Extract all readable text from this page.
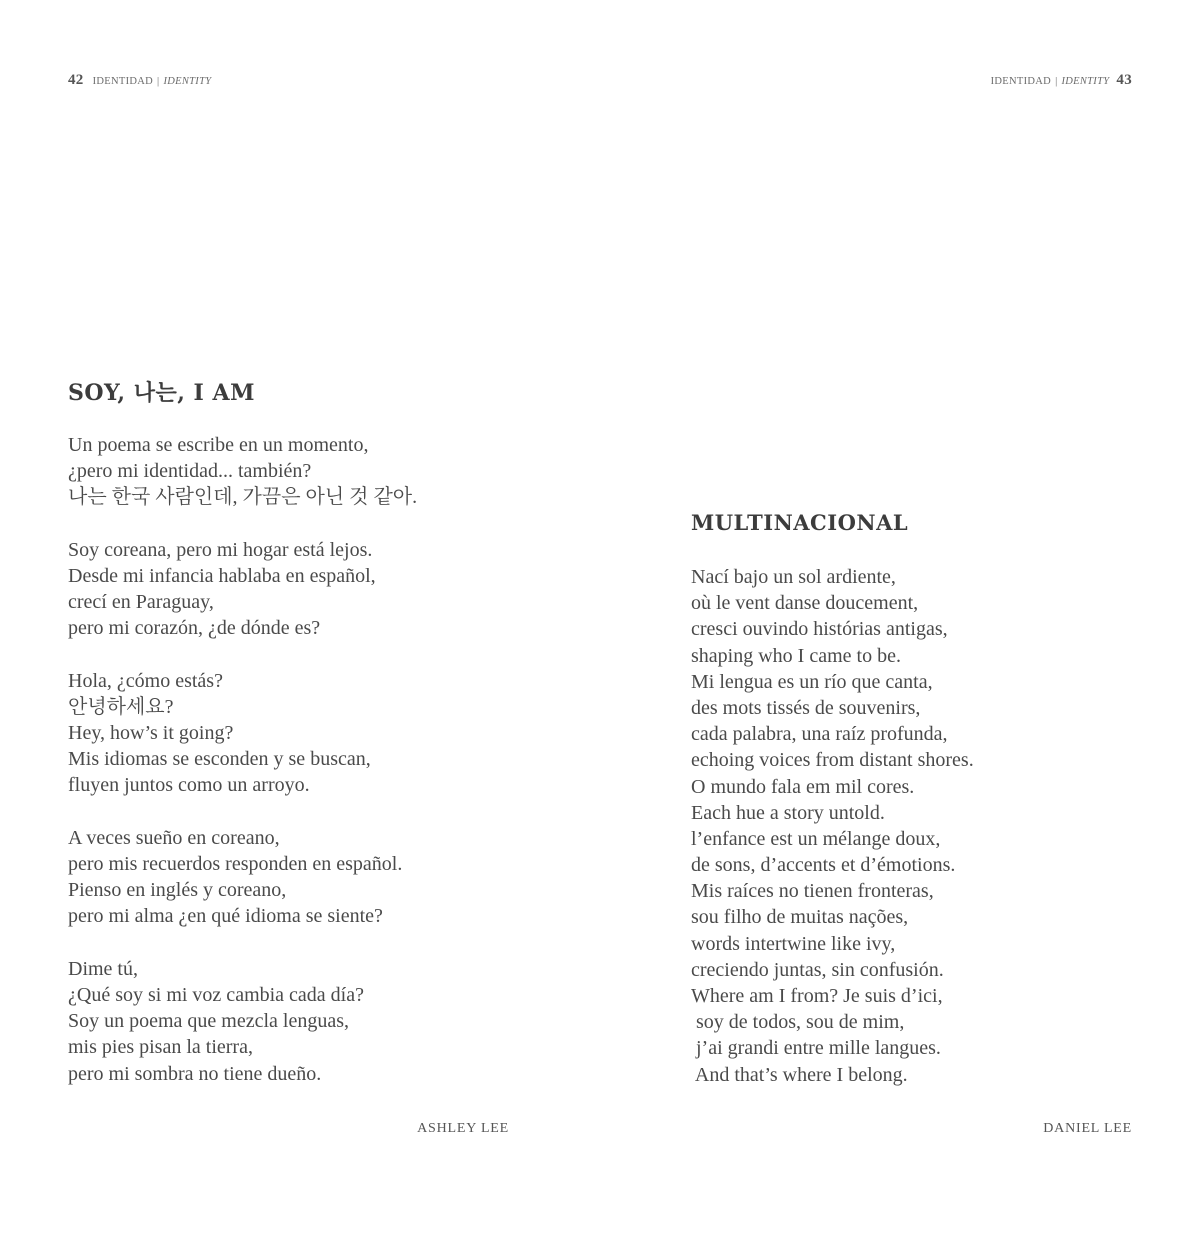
42 IDENTIDAD | IDENTITY	IDENTIDAD | IDENTITY 43
SOY, 나는, I AM
Un poema se escribe en un momento,
¿pero mi identidad... también?
나는 한국 사람인데, 가끔은 아닌 것 같아.
Soy coreana, pero mi hogar está lejos.
Desde mi infancia hablaba en español,
crecí en Paraguay,
pero mi corazón, ¿de dónde es?
Hola, ¿cómo estás?
안녕하세요?
Hey, how’s it going?
Mis idiomas se esconden y se buscan,
fluyen juntos como un arroyo.
A veces sueño en coreano,
pero mis recuerdos responden en español.
Pienso en inglés y coreano,
pero mi alma ¿en qué idioma se siente?
Dime tú,
¿Qué soy si mi voz cambia cada día?
Soy un poema que mezcla lenguas,
mis pies pisan la tierra,
pero mi sombra no tiene dueño.
ASHLEY LEE
MULTINACIONAL
Nací bajo un sol ardiente,
où le vent danse doucement,
cresci ouvindo histórias antigas,
shaping who I came to be.
Mi lengua es un río que canta,
des mots tissés de souvenirs,
cada palabra, una raíz profunda,
echoing voices from distant shores.
O mundo fala em mil cores.
Each hue a story untold.
l’enfance est un mélange doux,
de sons, d’accents et d’émotions.
Mis raíces no tienen fronteras,
sou filho de muitas nações,
words intertwine like ivy,
creciendo juntas, sin confusión.
Where am I from? Je suis d’ici,
soy de todos, sou de mim,
j’ai grandi entre mille langues.
And that’s where I belong.
DANIEL LEE
